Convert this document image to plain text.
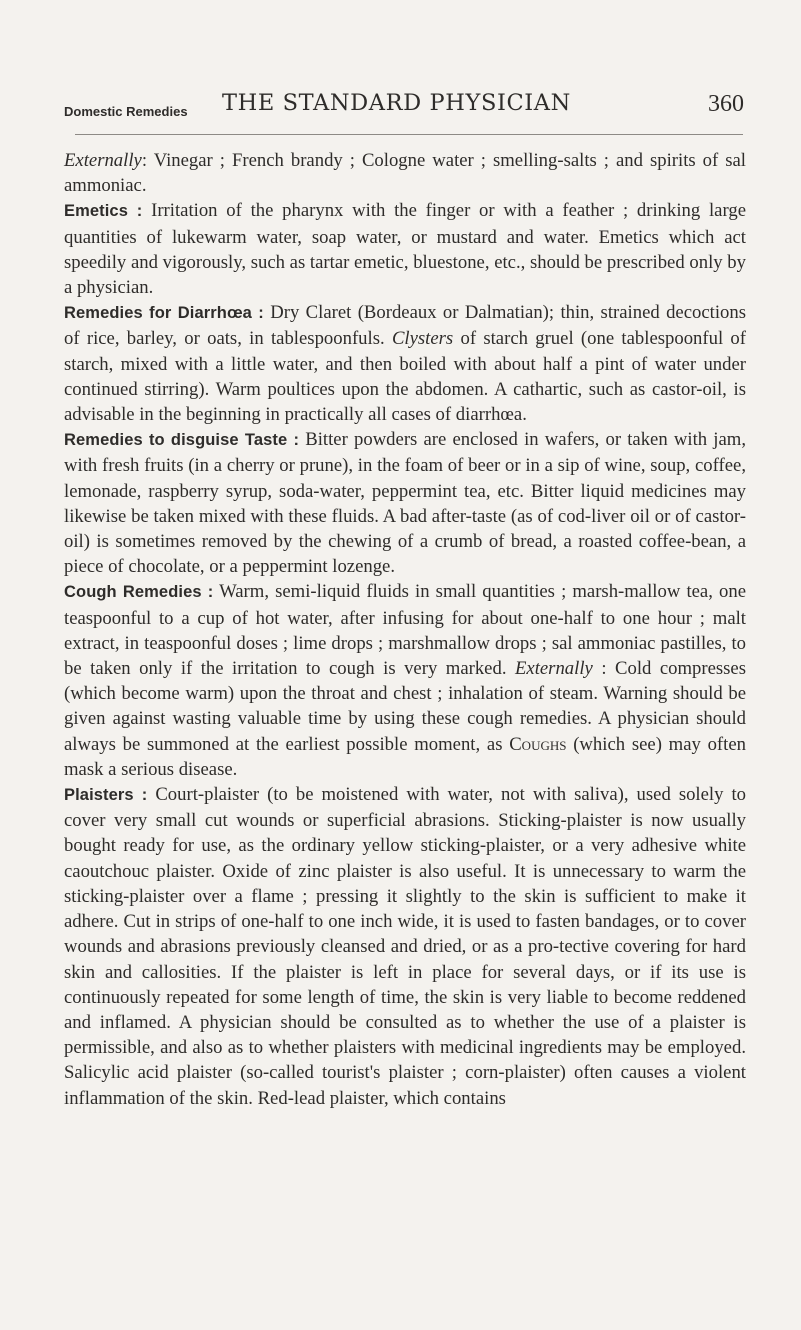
Domestic Remedies THE STANDARD PHYSICIAN	360

Externally: Vinegar ; French brandy ; Cologne water ; smelling-salts ; and spirits of sal ammoniac.

Emetics : Irritation of the pharynx with the finger or with a feather ; drinking large quantities of lukewarm water, soap water, or mustard and water. Emetics which act speedily and vigorously, such as tartar emetic, bluestone, etc., should be prescribed only by a physician.

Remedies for Diarrhœa : Dry Claret (Bordeaux or Dalmatian); thin, strained decoctions of rice, barley, or oats, in tablespoonfuls. Clysters of starch gruel (one tablespoonful of starch, mixed with a little water, and then boiled with about half a pint of water under continued stirring). Warm poultices upon the abdomen. A cathartic, such as castor-oil, is advisable in the beginning in practically all cases of diarrhœa.

Remedies to disguise Taste : Bitter powders are enclosed in wafers, or taken with jam, with fresh fruits (in a cherry or prune), in the foam of beer or in a sip of wine, soup, coffee, lemonade, raspberry syrup, soda-water, peppermint tea, etc. Bitter liquid medicines may likewise be taken mixed with these fluids. A bad after-taste (as of cod-liver oil or of castor-oil) is sometimes removed by the chewing of a crumb of bread, a roasted coffee-bean, a piece of chocolate, or a peppermint lozenge.

Cough Remedies : Warm, semi-liquid fluids in small quantities ; marsh-mallow tea, one teaspoonful to a cup of hot water, after infusing for about one-half to one hour ; malt extract, in teaspoonful doses ; lime drops ; marshmallow drops ; sal ammoniac pastilles, to be taken only if the irritation to cough is very marked. Externally : Cold compresses (which become warm) upon the throat and chest ; inhalation of steam. Warning should be given against wasting valuable time by using these cough remedies. A physician should always be summoned at the earliest possible moment, as Coughs (which see) may often mask a serious disease.

Plaisters : Court-plaister (to be moistened with water, not with saliva), used solely to cover very small cut wounds or superficial abrasions. Sticking-plaister is now usually bought ready for use, as the ordinary yellow sticking-plaister, or a very adhesive white caoutchouc plaister. Oxide of zinc plaister is also useful. It is unnecessary to warm the sticking-plaister over a flame ; pressing it slightly to the skin is sufficient to make it adhere. Cut in strips of one-half to one inch wide, it is used to fasten bandages, or to cover wounds and abrasions previously cleansed and dried, or as a pro-tective covering for hard skin and callosities. If the plaister is left in place for several days, or if its use is continuously repeated for some length of time, the skin is very liable to become reddened and inflamed. A physician should be consulted as to whether the use of a plaister is permissible, and also as to whether plaisters with medicinal ingredients may be employed. Salicylic acid plaister (so-called tourist's plaister ; corn-plaister) often causes a violent inflammation of the skin. Red-lead plaister, which contains
